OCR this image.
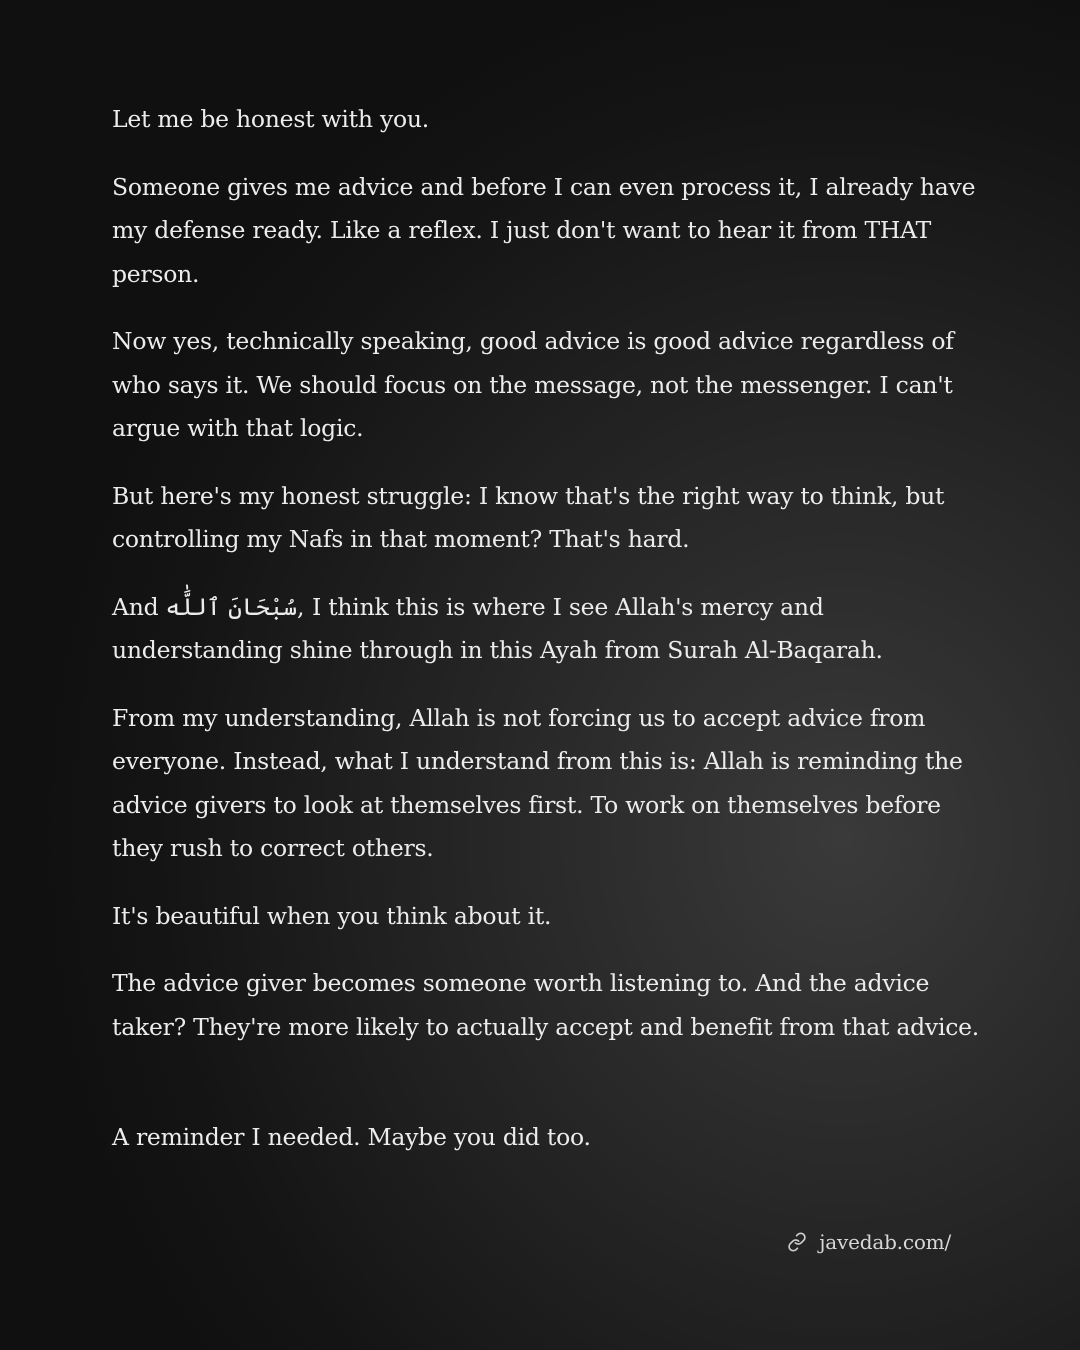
Let me be honest with you.

Someone gives me advice and before I can even process it, I already have my defense ready. Like a reflex. I just don't want to hear it from THAT person.

Now yes, technically speaking, good advice is good advice regardless of who says it. We should focus on the message, not the messenger. I can't argue with that logic.

But here's my honest struggle: I know that's the right way to think, but controlling my Nafs in that moment? That's hard.

And سُبْحَانَ ٱللَّٰه, I think this is where I see Allah's mercy and understanding shine through in this Ayah from Surah Al-Baqarah.

From my understanding, Allah is not forcing us to accept advice from everyone. Instead, what I understand from this is: Allah is reminding the advice givers to look at themselves first. To work on themselves before they rush to correct others.

It's beautiful when you think about it.

The advice giver becomes someone worth listening to. And the advice taker? They're more likely to actually accept and benefit from that advice.

A reminder I needed. Maybe you did too.

javedab.com/
